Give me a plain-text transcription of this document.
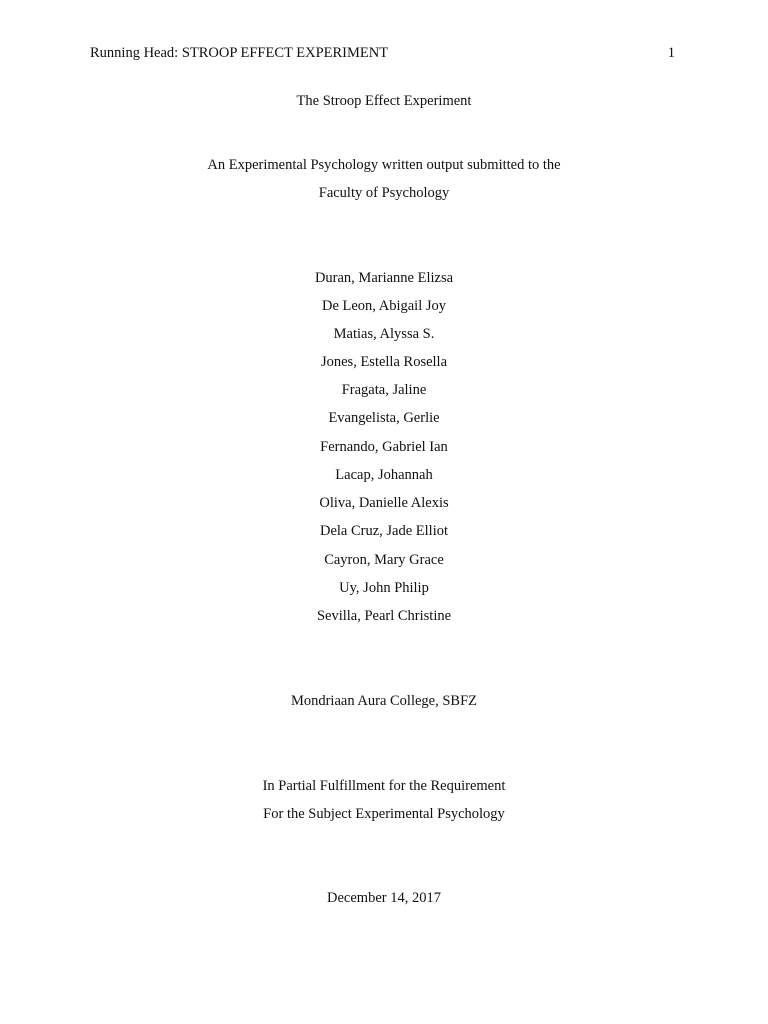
Running Head: STROOP EFFECT EXPERIMENT	1
The Stroop Effect Experiment
An Experimental Psychology written output submitted to the
Faculty of Psychology
Duran, Marianne Elizsa
De Leon, Abigail Joy
Matias, Alyssa S.
Jones, Estella Rosella
Fragata, Jaline
Evangelista, Gerlie
Fernando, Gabriel Ian
Lacap, Johannah
Oliva, Danielle Alexis
Dela Cruz, Jade Elliot
Cayron, Mary Grace
Uy, John Philip
Sevilla, Pearl Christine
Mondriaan Aura College, SBFZ
In Partial Fulfillment for the Requirement
For the Subject Experimental Psychology
December 14, 2017
